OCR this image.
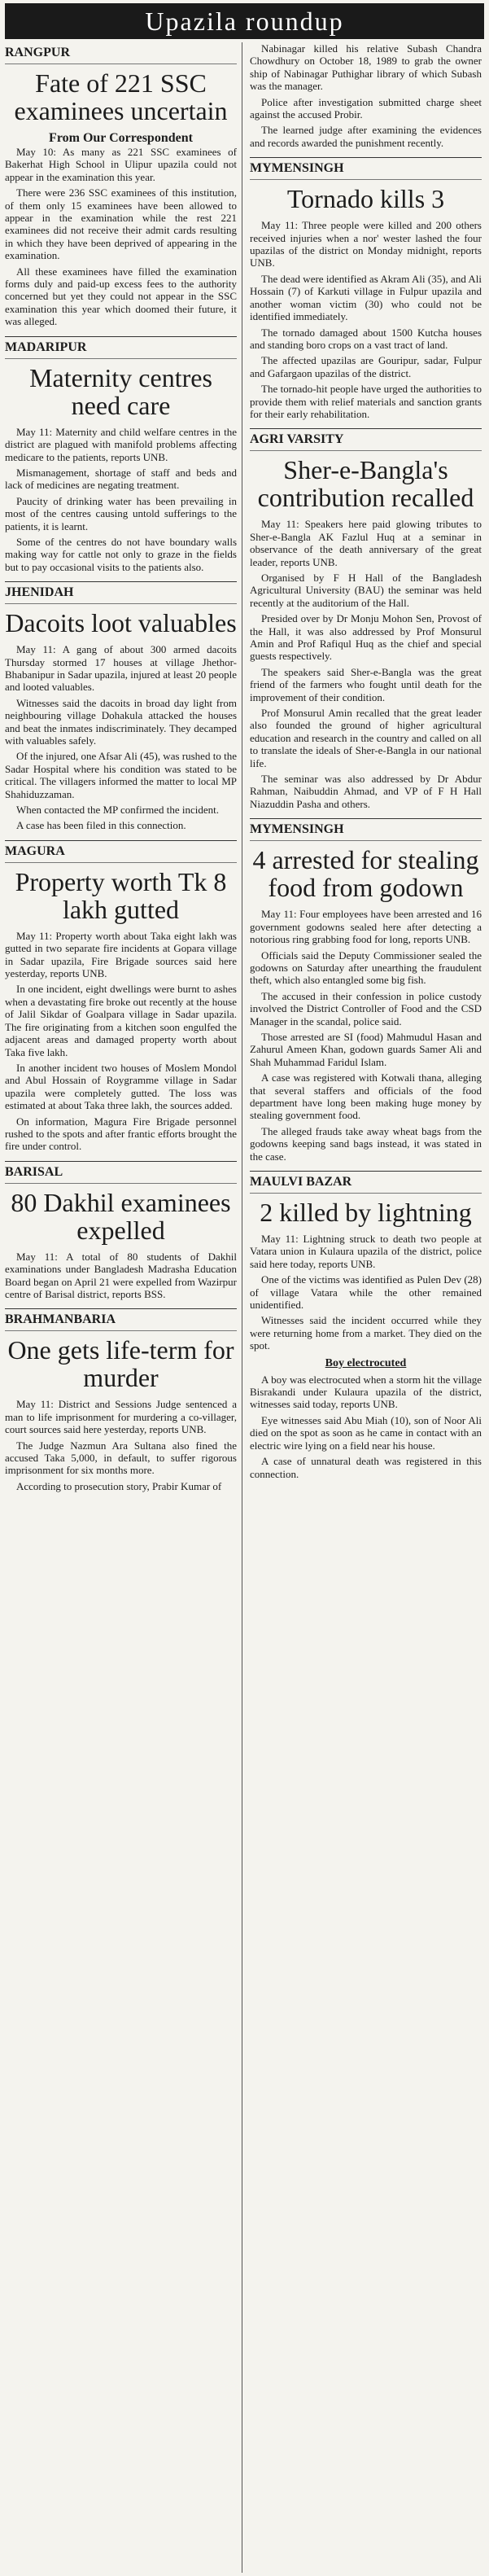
Upazila roundup
RANGPUR
Fate of 221 SSC examinees uncertain
From Our Correspondent

May 10: As many as 221 SSC examinees of Bakerhat High School in Ulipur upazila could not appear in the examination this year.

There were 236 SSC examinees of this institution, of them only 15 examinees have been allowed to appear in the examination while the rest 221 examinees did not receive their admit cards resulting in which they have been deprived of appearing in the examination.

All these examinees have filled the examination forms duly and paid-up excess fees to the authority concerned but yet they could not appear in the SSC examination this year which doomed their future, it was alleged.

MADARIPUR
Maternity centres need care

May 11: Maternity and child welfare centres in the district are plagued with manifold problems affecting medicare to the patients, reports UNB.

Mismanagement, shortage of staff and beds and lack of medicines are negating treatment.

Paucity of drinking water has been prevailing in most of the centres causing untold sufferings to the patients, it is learnt.

Some of the centres do not have boundary walls making way for cattle not only to graze in the fields but to pay occasional visits to the patients also.

JHENIDAH
Dacoits loot valuables

May 11: A gang of about 300 armed dacoits Thursday stormed 17 houses at village Jhethor-Bhabanipur in Sadar upazila, injured at least 20 people and looted valuables.

Witnesses said the dacoits in broad day light from neighbouring village Dohakula attacked the houses and beat the inmates indiscriminately. They decamped with valuables safely.

Of the injured, one Afsar Ali (45), was rushed to the Sadar Hospital where his condition was stated to be critical. The villagers informed the matter to local MP Shahiduzzaman.

When contacted the MP confirmed the incident.

A case has been filed in this connection.

MAGURA
Property worth Tk 8 lakh gutted

May 11: Property worth about Taka eight lakh was gutted in two separate fire incidents at Gopara village in Sadar upazila, Fire Brigade sources said here yesterday, reports UNB.

In one incident, eight dwellings were burnt to ashes when a devastating fire broke out recently at the house of Jalil Sikdar of Goalpara village in Sadar upazila. The fire originating from a kitchen soon engulfed the adjacent areas and damaged property worth about Taka five lakh.

In another incident two houses of Moslem Mondol and Abul Hossain of Roygramme village in Sadar upazila were completely gutted. The loss was estimated at about Taka three lakh, the sources added.

On information, Magura Fire Brigade personnel rushed to the spots and after frantic efforts brought the fire under control.

BARISAL
80 Dakhil examinees expelled

May 11: A total of 80 students of Dakhil examinations under Bangladesh Madrasha Education Board began on April 21 were expelled from Wazirpur centre of Barisal district, reports BSS.

BRAHMANBARIA
One gets life-term for murder

May 11: District and Sessions Judge sentenced a man to life imprisonment for murdering a co-villager, court sources said here yesterday, reports UNB.

The Judge Nazmun Ara Sultana also fined the accused Taka 5,000, in default, to suffer rigorous imprisonment for six months more.

According to prosecution story, Prabir Kumar of

Nabinagar killed his relative Subash Chandra Chowdhury on October 18, 1989 to grab the owner ship of Nabinagar Puthighar library of which Subash was the manager.

Police after investigation submitted charge sheet against the accused Probir.

The learned judge after examining the evidences and records awarded the punishment recently.

MYMENSINGH
Tornado kills 3

May 11: Three people were killed and 200 others received injuries when a nor' wester lashed the four upazilas of the district on Monday midnight, reports UNB.

The dead were identified as Akram Ali (35), and Ali Hossain (7) of Karkuti village in Fulpur upazila and another woman victim (30) who could not be identified immediately.

The tornado damaged about 1500 Kutcha houses and standing boro crops on a vast tract of land.

The affected upazilas are Gouripur, sadar, Fulpur and Gafargaon upazilas of the district.

The tornado-hit people have urged the authorities to provide them with relief materials and sanction grants for their early rehabilitation.

AGRI VARSITY
Sher-e-Bangla's contribution recalled

May 11: Speakers here paid glowing tributes to Sher-e-Bangla AK Fazlul Huq at a seminar in observance of the death anniversary of the great leader, reports UNB.

Organised by F H Hall of the Bangladesh Agricultural University (BAU) the seminar was held recently at the auditorium of the Hall.

Presided over by Dr Monju Mohon Sen, Provost of the Hall, it was also addressed by Prof Monsurul Amin and Prof Rafiqul Huq as the chief and special guests respectively.

The speakers said Sher-e-Bangla was the great friend of the farmers who fought until death for the improvement of their condition.

Prof Monsurul Amin recalled that the great leader also founded the ground of higher agricultural education and research in the country and called on all to translate the ideals of Sher-e-Bangla in our national life.

The seminar was also addressed by Dr Abdur Rahman, Naibuddin Ahmad, and VP of F H Hall Niazuddin Pasha and others.

MYMENSINGH
4 arrested for stealing food from godown

May 11: Four employees have been arrested and 16 government godowns sealed here after detecting a notorious ring grabbing food for long, reports UNB.

Officials said the Deputy Commissioner sealed the godowns on Saturday after unearthing the fraudulent theft, which also entangled some big fish.

The accused in their confession in police custody involved the District Controller of Food and the CSD Manager in the scandal, police said.

Those arrested are SI (food) Mahmudul Hasan and Zahurul Ameen Khan, godown guards Samer Ali and Shah Muhammad Faridul Islam.

A case was registered with Kotwali thana, alleging that several staffers and officials of the food department have long been making huge money by stealing government food.

The alleged frauds take away wheat bags from the godowns keeping sand bags instead, it was stated in the case.

MAULVI BAZAR
2 killed by lightning

May 11: Lightning struck to death two people at Vatara union in Kulaura upazila of the district, police said here today, reports UNB.

One of the victims was identified as Pulen Dev (28) of village Vatara while the other remained unidentified.

Witnesses said the incident occurred while they were returning home from a market. They died on the spot.

Boy electrocuted

A boy was electrocuted when a storm hit the village Bisrakandi under Kulaura upazila of the district, witnesses said today, reports UNB.

Eye witnesses said Abu Miah (10), son of Noor Ali died on the spot as soon as he came in contact with an electric wire lying on a field near his house.

A case of unnatural death was registered in this connection.
